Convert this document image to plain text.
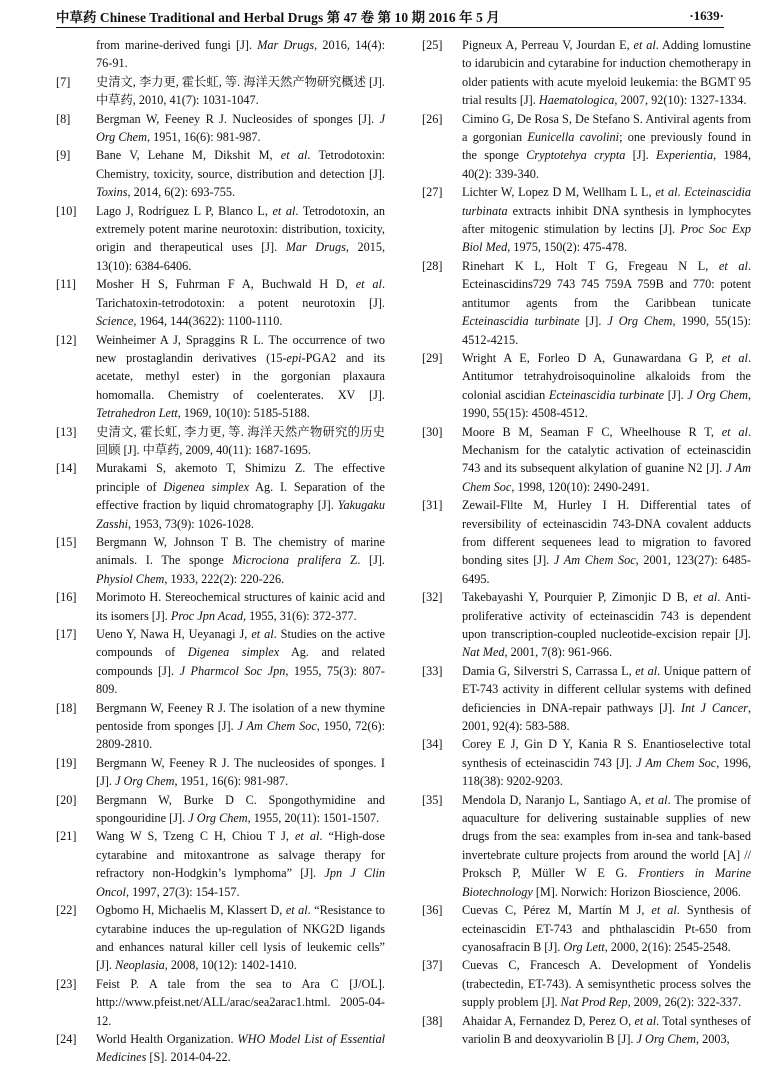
中草药 Chinese Traditional and Herbal Drugs 第 47 卷 第 10 期 2016 年 5 月	·1639·
from marine-derived fungi [J]. Mar Drugs, 2016, 14(4): 76-91.
[7] 史清文, 李力更, 霍长虹, 等. 海洋天然产物研究概述 [J]. 中草药, 2010, 41(7): 1031-1047.
[8] Bergman W, Feeney R J. Nucleosides of sponges [J]. J Org Chem, 1951, 16(6): 981-987.
[9] Bane V, Lehane M, Dikshit M, et al. Tetrodotoxin: Chemistry, toxicity, source, distribution and detection [J]. Toxins, 2014, 6(2): 693-755.
[10] Lago J, Rodríguez L P, Blanco L, et al. Tetrodotoxin, an extremely potent marine neurotoxin: distribution, toxicity, origin and therapeutical uses [J]. Mar Drugs, 2015, 13(10): 6384-6406.
[11] Mosher H S, Fuhrman F A, Buchwald H D, et al. Tarichatoxin-tetrodotoxin: a potent neurotoxin [J]. Science, 1964, 144(3622): 1100-1110.
[12] Weinheimer A J, Spraggins R L. The occurrence of two new prostaglandin derivatives (15-epi-PGA2 and its acetate, methyl ester) in the gorgonian plaxaura homomalla. Chemistry of coelenterates. XV [J]. Tetrahedron Lett, 1969, 10(10): 5185-5188.
[13] 史清文, 霍长虹, 李力更, 等. 海洋天然产物研究的历史回顾 [J]. 中草药, 2009, 40(11): 1687-1695.
[14] Murakami S, akemoto T, Shimizu Z. The effective principle of Digenea simplex Ag. I. Separation of the effective fraction by liquid chromatography [J]. Yakugaku Zasshi, 1953, 73(9): 1026-1028.
[15] Bergmann W, Johnson T B. The chemistry of marine animals. I. The sponge Microciona pralifera Z. [J]. Physiol Chem, 1933, 222(2): 220-226.
[16] Morimoto H. Stereochemical structures of kainic acid and its isomers [J]. Proc Jpn Acad, 1955, 31(6): 372-377.
[17] Ueno Y, Nawa H, Ueyanagi J, et al. Studies on the active compounds of Digenea simplex Ag. and related compounds [J]. J Pharmcol Soc Jpn, 1955, 75(3): 807-809.
[18] Bergmann W, Feeney R J. The isolation of a new thymine pentoside from sponges [J]. J Am Chem Soc, 1950, 72(6): 2809-2810.
[19] Bergmann W, Feeney R J. The nucleosides of sponges. I [J]. J Org Chem, 1951, 16(6): 981-987.
[20] Bergmann W, Burke D C. Spongothymidine and spongouridine [J]. J Org Chem, 1955, 20(11): 1501-1507.
[21] Wang W S, Tzeng C H, Chiou T J, et al. “High-dose cytarabine and mitoxantrone as salvage therapy for refractory non-Hodgkin’s lymphoma” [J]. Jpn J Clin Oncol, 1997, 27(3): 154-157.
[22] Ogbomo H, Michaelis M, Klassert D, et al. “Resistance to cytarabine induces the up-regulation of NKG2D ligands and enhances natural killer cell lysis of leukemic cells” [J]. Neoplasia, 2008, 10(12): 1402-1410.
[23] Feist P. A tale from the sea to Ara C [J/OL]. http://www.pfeist.net/ALL/arac/sea2arac1.html. 2005-04-12.
[24] World Health Organization. WHO Model List of Essential Medicines [S]. 2014-04-22.
[25] Pigneux A, Perreau V, Jourdan E, et al. Adding lomustine to idarubicin and cytarabine for induction chemotherapy in older patients with acute myeloid leukemia: the BGMT 95 trial results [J]. Haematologica, 2007, 92(10): 1327-1334.
[26] Cimino G, De Rosa S, De Stefano S. Antiviral agents from a gorgonian Eunicella cavolini; one previously found in the sponge Cryptotehya crypta [J]. Experientia, 1984, 40(2): 339-340.
[27] Lichter W, Lopez D M, Wellham L L, et al. Ecteinascidia turbinata extracts inhibit DNA synthesis in lymphocytes after mitogenic stimulation by lectins [J]. Proc Soc Exp Biol Med, 1975, 150(2): 475-478.
[28] Rinehart K L, Holt T G, Fregeau N L, et al. Ecteinascidins729 743 745 759A 759B and 770: potent antitumor agents from the Caribbean tunicate Ecteinascidia turbinate [J]. J Org Chem, 1990, 55(15): 4512-4215.
[29] Wright A E, Forleo D A, Gunawardana G P, et al. Antitumor tetrahydroisoquinoline alkaloids from the colonial ascidian Ecteinascidia turbinate [J]. J Org Chem, 1990, 55(15): 4508-4512.
[30] Moore B M, Seaman F C, Wheelhouse R T, et al. Mechanism for the catalytic activation of ecteinascidin 743 and its subsequent alkylation of guanine N2 [J]. J Am Chem Soc, 1998, 120(10): 2490-2491.
[31] Zewail-Fllte M, Hurley I H. Differential tates of reversibility of ecteinascidin 743-DNA covalent adducts from different sequenees lead to migration to favored bonding sites [J]. J Am Chem Soc, 2001, 123(27): 6485-6495.
[32] Takebayashi Y, Pourquier P, Zimonjic D B, et al. Anti-proliferative activity of ecteinascidin 743 is dependent upon transcription-coupled nucleotide-excision repair [J]. Nat Med, 2001, 7(8): 961-966.
[33] Damia G, Silverstri S, Carrassa L, et al. Unique pattern of ET-743 activity in different cellular systems with defined deficiencies in DNA-repair pathways [J]. Int J Cancer, 2001, 92(4): 583-588.
[34] Corey E J, Gin D Y, Kania R S. Enantioselective total synthesis of ecteinascidin 743 [J]. J Am Chem Soc, 1996, 118(38): 9202-9203.
[35] Mendola D, Naranjo L, Santiago A, et al. The promise of aquaculture for delivering sustainable supplies of new drugs from the sea: examples from in-sea and tank-based invertebrate culture projects from around the world [A] // Proksch P, Müller W E G. Frontiers in Marine Biotechnology [M]. Norwich: Horizon Bioscience, 2006.
[36] Cuevas C, Pérez M, Martín M J, et al. Synthesis of ecteinascidin ET-743 and phthalascidin Pt-650 from cyanosafracin B [J]. Org Lett, 2000, 2(16): 2545-2548.
[37] Cuevas C, Francesch A. Development of Yondelis (trabectedin, ET-743). A semisynthetic process solves the supply problem [J]. Nat Prod Rep, 2009, 26(2): 322-337.
[38] Ahaidar A, Fernandez D, Perez O, et al. Total syntheses of variolin B and deoxyvariolin B [J]. J Org Chem, 2003,
